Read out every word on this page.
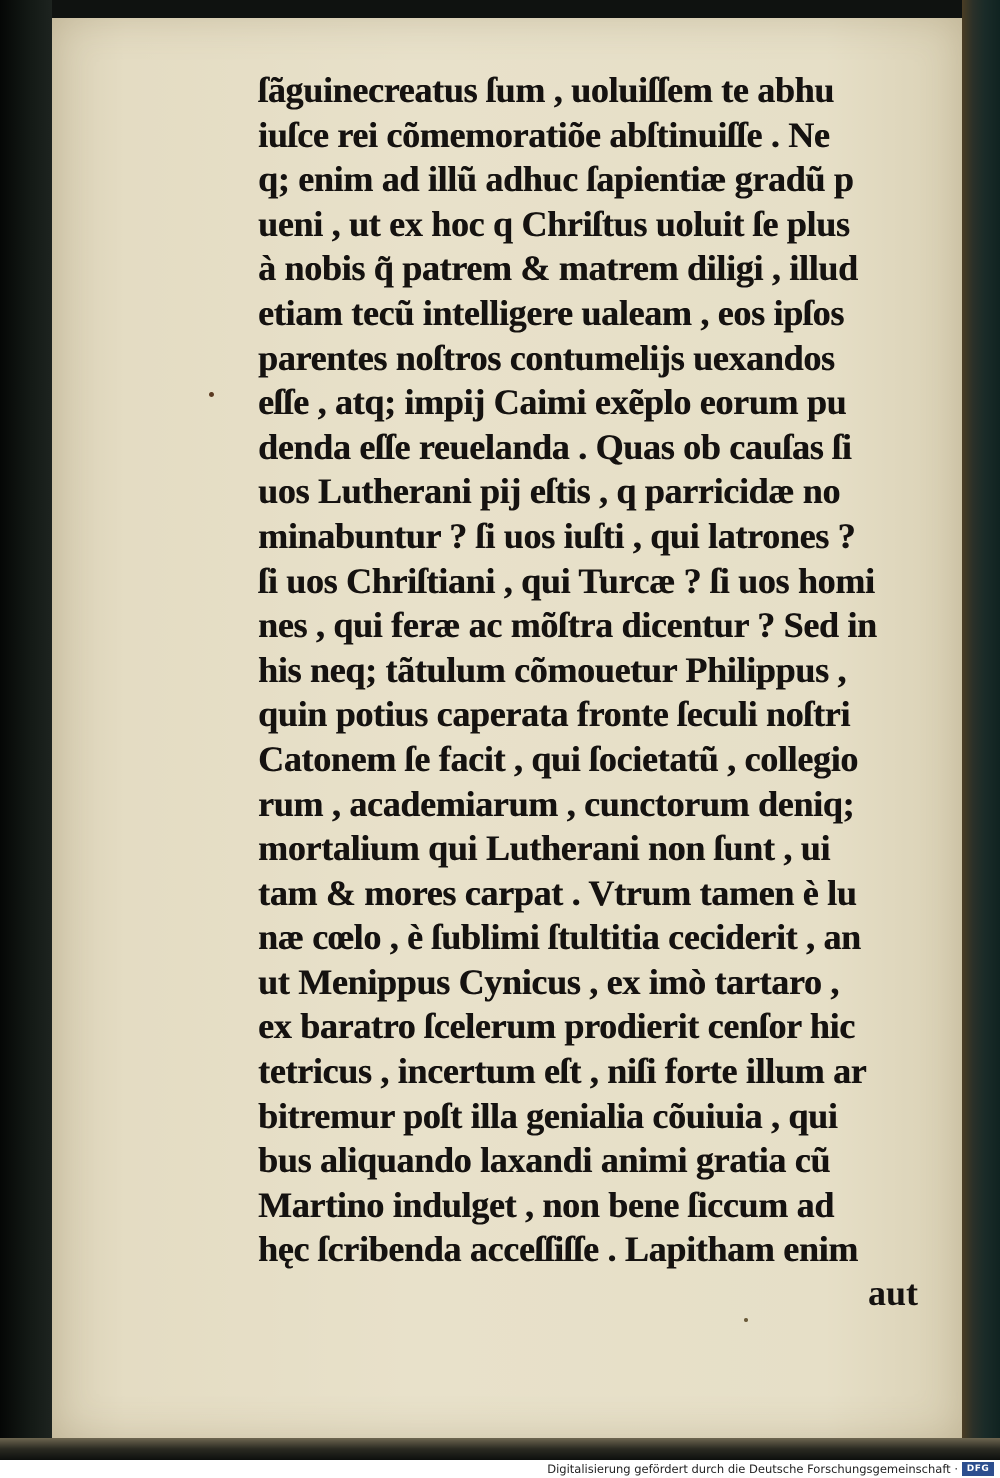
ſãguinecreatus ſum , uoluiſſem te abhu
iuſce rei cõmemoratiõe abſtinuiſſe . Ne
q; enim ad illũ adhuc ſapientiæ gradũ p
ueni , ut ex hoc q Chriſtus uoluit ſe plus
à nobis q̃ patrem & matrem diligi , illud
etiam tecũ intelligere ualeam , eos ipſos
parentes noſtros contumelijs uexandos
eſſe , atq; impij Caimi exẽplo eorum pu
denda eſſe reuelanda . Quas ob cauſas ſi
uos Lutherani pij eſtis , q parricidæ no
minabuntur ? ſi uos iuſti , qui latrones ?
ſi uos Chriſtiani , qui Turcæ ? ſi uos homi
nes , qui feræ ac mõſtra dicentur ? Sed in
his neq; tãtulum cõmouetur Philippus ,
quin potius caperata fronte ſeculi noſtri
Catonem ſe facit , qui ſocietatũ , collegio
rum , academiarum , cunctorum deniq;
mortalium qui Lutherani non ſunt , ui
tam & mores carpat . Vtrum tamen è lu
næ cœlo , è ſublimi ſtultitia ceciderit , an
ut Menippus Cynicus , ex imò tartaro ,
ex baratro ſcelerum prodierit cenſor hic
tetricus , incertum eſt , niſi forte illum ar
bitremur poſt illa genialia cõuiuia , qui
bus aliquando laxandi animi gratia cũ
Martino indulget , non bene ſiccum ad
hęc ſcribenda acceſſiſſe . Lapitham enim
aut
Digitalisierung gefördert durch die Deutsche Forschungsgemeinschaft · DFG
